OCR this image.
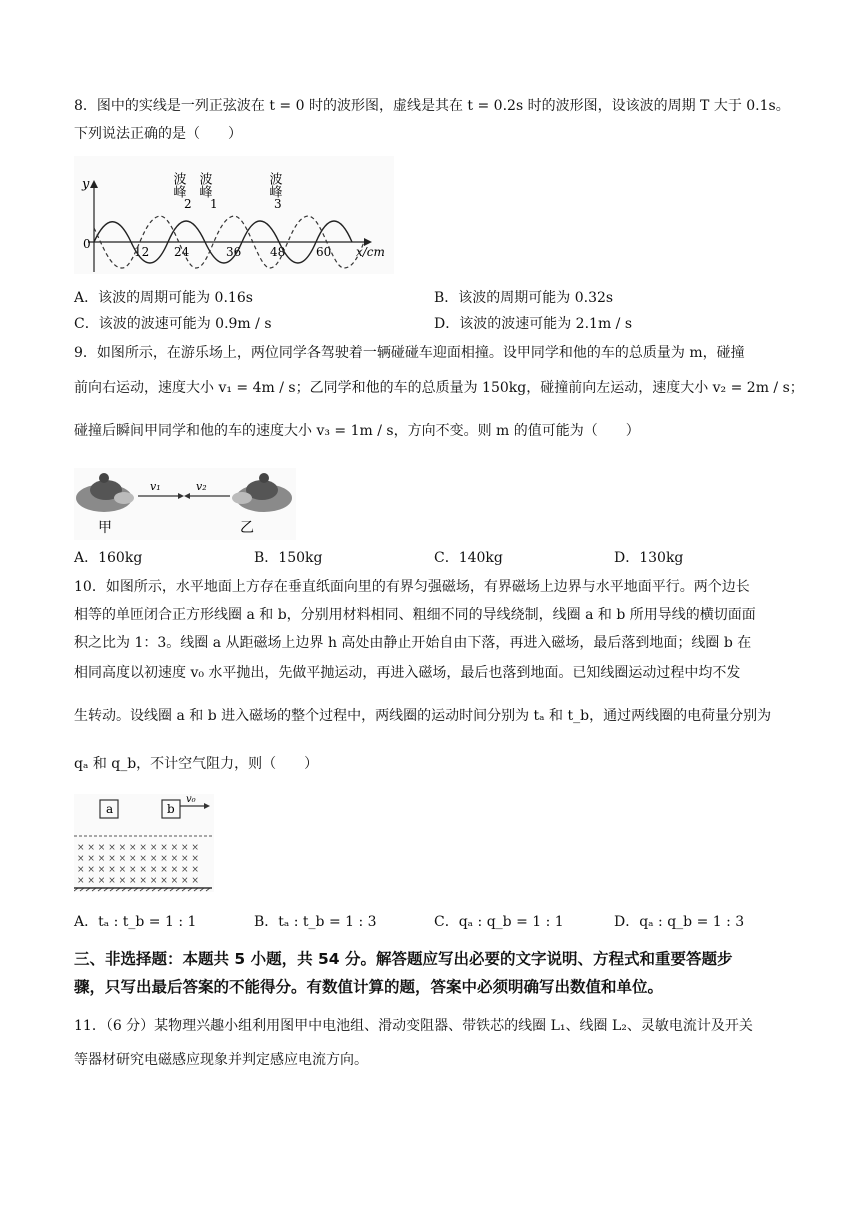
8．图中的实线是一列正弦波在 t = 0 时的波形图，虚线是其在 t = 0.2s 时的波形图，设该波的周期 T 大于 0.1s。
下列说法正确的是（　　）
y
0
x/cm
12 24	36 48	60
波峰
2
波峰
1
波峰
3
A．该波的周期可能为 0.16s	B．该波的周期可能为 0.32s
C．该波的波速可能为 0.9m / s	D．该波的波速可能为 2.1m / s
9．如图所示，在游乐场上，两位同学各驾驶着一辆碰碰车迎面相撞。设甲同学和他的车的总质量为 m，碰撞
前向右运动，速度大小 v₁ = 4m / s；乙同学和他的车的总质量为 150kg，碰撞前向左运动，速度大小 v₂ = 2m / s；
碰撞后瞬间甲同学和他的车的速度大小 v₃ = 1m / s，方向不变。则 m 的值可能为（　　）
v₁	v₂
甲	乙
A．160kg	B．150kg	C．140kg	D．130kg
10．如图所示，水平地面上方存在垂直纸面向里的有界匀强磁场，有界磁场上边界与水平地面平行。两个边长
相等的单匝闭合正方形线圈 a 和 b，分别用材料相同、粗细不同的导线绕制，线圈 a 和 b 所用导线的横切面面
积之比为 1：3。线圈 a 从距磁场上边界 h 高处由静止开始自由下落，再进入磁场，最后落到地面；线圈 b 在
相同高度以初速度 v₀ 水平抛出，先做平抛运动，再进入磁场，最后也落到地面。已知线圈运动过程中均不发
生转动。设线圈 a 和 b 进入磁场的整个过程中，两线圈的运动时间分别为 tₐ 和 t_b，通过两线圈的电荷量分别为
qₐ 和 q_b，不计空气阻力，则（　　）
a	b
v₀
× × × × × × × × × × × ×
× × × × × × × × × × × ×
× × × × × × × × × × × ×
× × × × × × × × × × × ×
A．tₐ : t_b = 1 : 1	B．tₐ : t_b = 1 : 3	C．qₐ : q_b = 1 : 1	D．qₐ : q_b = 1 : 3
三、非选择题：本题共 5 小题，共 54 分。解答题应写出必要的文字说明、方程式和重要答题步
骤，只写出最后答案的不能得分。有数值计算的题，答案中必须明确写出数值和单位。
11．（6 分）某物理兴趣小组利用图甲中电池组、滑动变阻器、带铁芯的线圈 L₁、线圈 L₂、灵敏电流计及开关
等器材研究电磁感应现象并判定感应电流方向。
